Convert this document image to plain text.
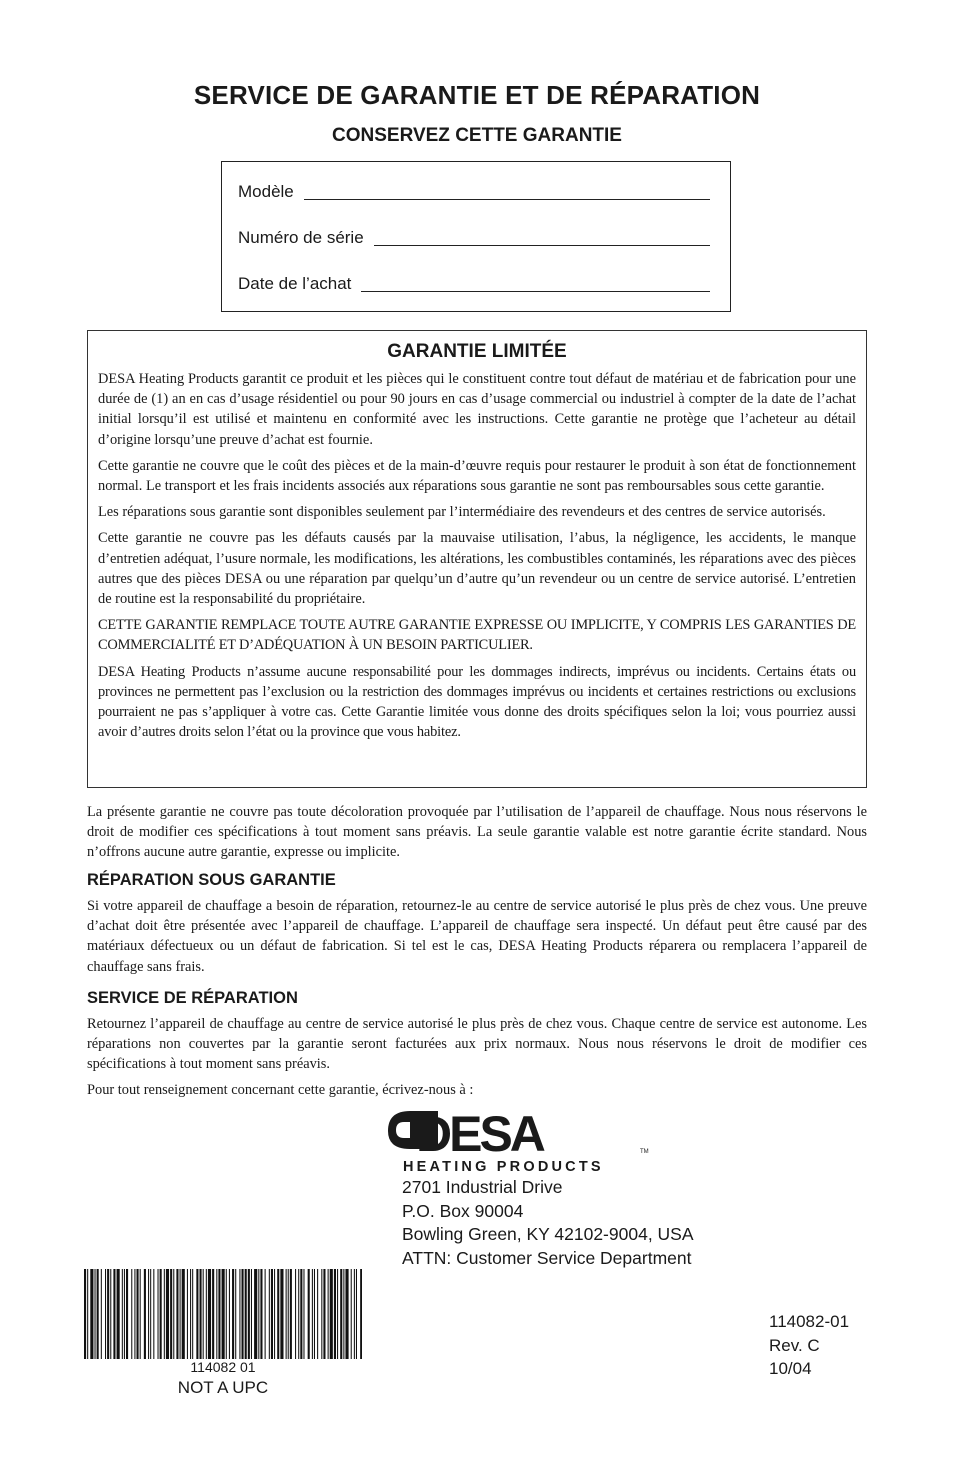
SERVICE DE GARANTIE ET DE RÉPARATION
CONSERVEZ CETTE GARANTIE
Modèle
Numéro de série
Date de l’achat
GARANTIE LIMITÉE

DESA Heating Products garantit ce produit et les pièces qui le constituent contre tout défaut de matériau et de fabrication pour une durée de (1) an en cas d’usage résidentiel ou pour 90 jours en cas d’usage commercial ou industriel à compter de la date de l’achat initial lorsqu’il est utilisé et maintenu en conformité avec les instructions. Cette garantie ne protège que l’acheteur au détail d’origine lorsqu’une preuve d’achat est fournie.

Cette garantie ne couvre que le coût des pièces et de la main-d’œuvre requis pour restaurer le produit à son état de fonctionnement normal. Le transport et les frais incidents associés aux réparations sous garantie ne sont pas remboursables sous cette garantie.

Les réparations sous garantie sont disponibles seulement par l’intermédiaire des revendeurs et des centres de service autorisés.

Cette garantie ne couvre pas les défauts causés par la mauvaise utilisation, l’abus, la négligence, les accidents, le manque d’entretien adéquat, l’usure normale, les modifications, les altérations, les combustibles contaminés, les réparations avec des pièces autres que des pièces DESA ou une réparation par quelqu’un d’autre qu’un revendeur ou un centre de service autorisé. L’entretien de routine est la responsabilité du propriétaire.

CETTE GARANTIE REMPLACE TOUTE AUTRE GARANTIE EXPRESSE OU IMPLICITE, Y COMPRIS LES GARANTIES DE COMMERCIALITÉ ET D’ADÉQUATION À UN BESOIN PARTICULIER.

DESA Heating Products n’assume aucune responsabilité pour les dommages indirects, imprévus ou incidents. Certains états ou provinces ne permettent pas l’exclusion ou la restriction des dommages imprévus ou incidents et certaines restrictions ou exclusions pourraient ne pas s’appliquer à votre cas. Cette Garantie limitée vous donne des droits spécifiques selon la loi; vous pourriez aussi avoir d’autres droits selon l’état ou la province que vous habitez.

La présente garantie ne couvre pas toute décoloration provoquée par l’utilisation de l’appareil de chauffage. Nous nous réservons le droit de modifier ces spécifications à tout moment sans préavis. La seule garantie valable est notre garantie écrite standard. Nous n’offrons aucune autre garantie, expresse ou implicite.

RÉPARATION SOUS GARANTIE

Si votre appareil de chauffage a besoin de réparation, retournez-le au centre de service autorisé le plus près de chez vous. Une preuve d’achat doit être présentée avec l’appareil de chauffage. L’appareil de chauffage sera inspecté. Un défaut peut être causé par des matériaux défectueux ou un défaut de fabrication. Si tel est le cas, DESA Heating Products réparera ou remplacera l’appareil de chauffage sans frais.

SERVICE DE RÉPARATION

Retournez l’appareil de chauffage au centre de service autorisé le plus près de chez vous. Chaque centre de service est autonome. Les réparations non couvertes par la garantie seront facturées aux prix normaux. Nous nous réservons le droit de modifier ces spécifications à tout moment sans préavis.

Pour tout renseignement concernant cette garantie, écrivez-nous à :

DESA	TM
HEATING PRODUCTS
2701 Industrial Drive
P.O. Box 90004
Bowling Green, KY 42102-9004, USA
ATTN: Customer Service Department
114082 01
NOT A UPC
114082-01
Rev. C
10/04
